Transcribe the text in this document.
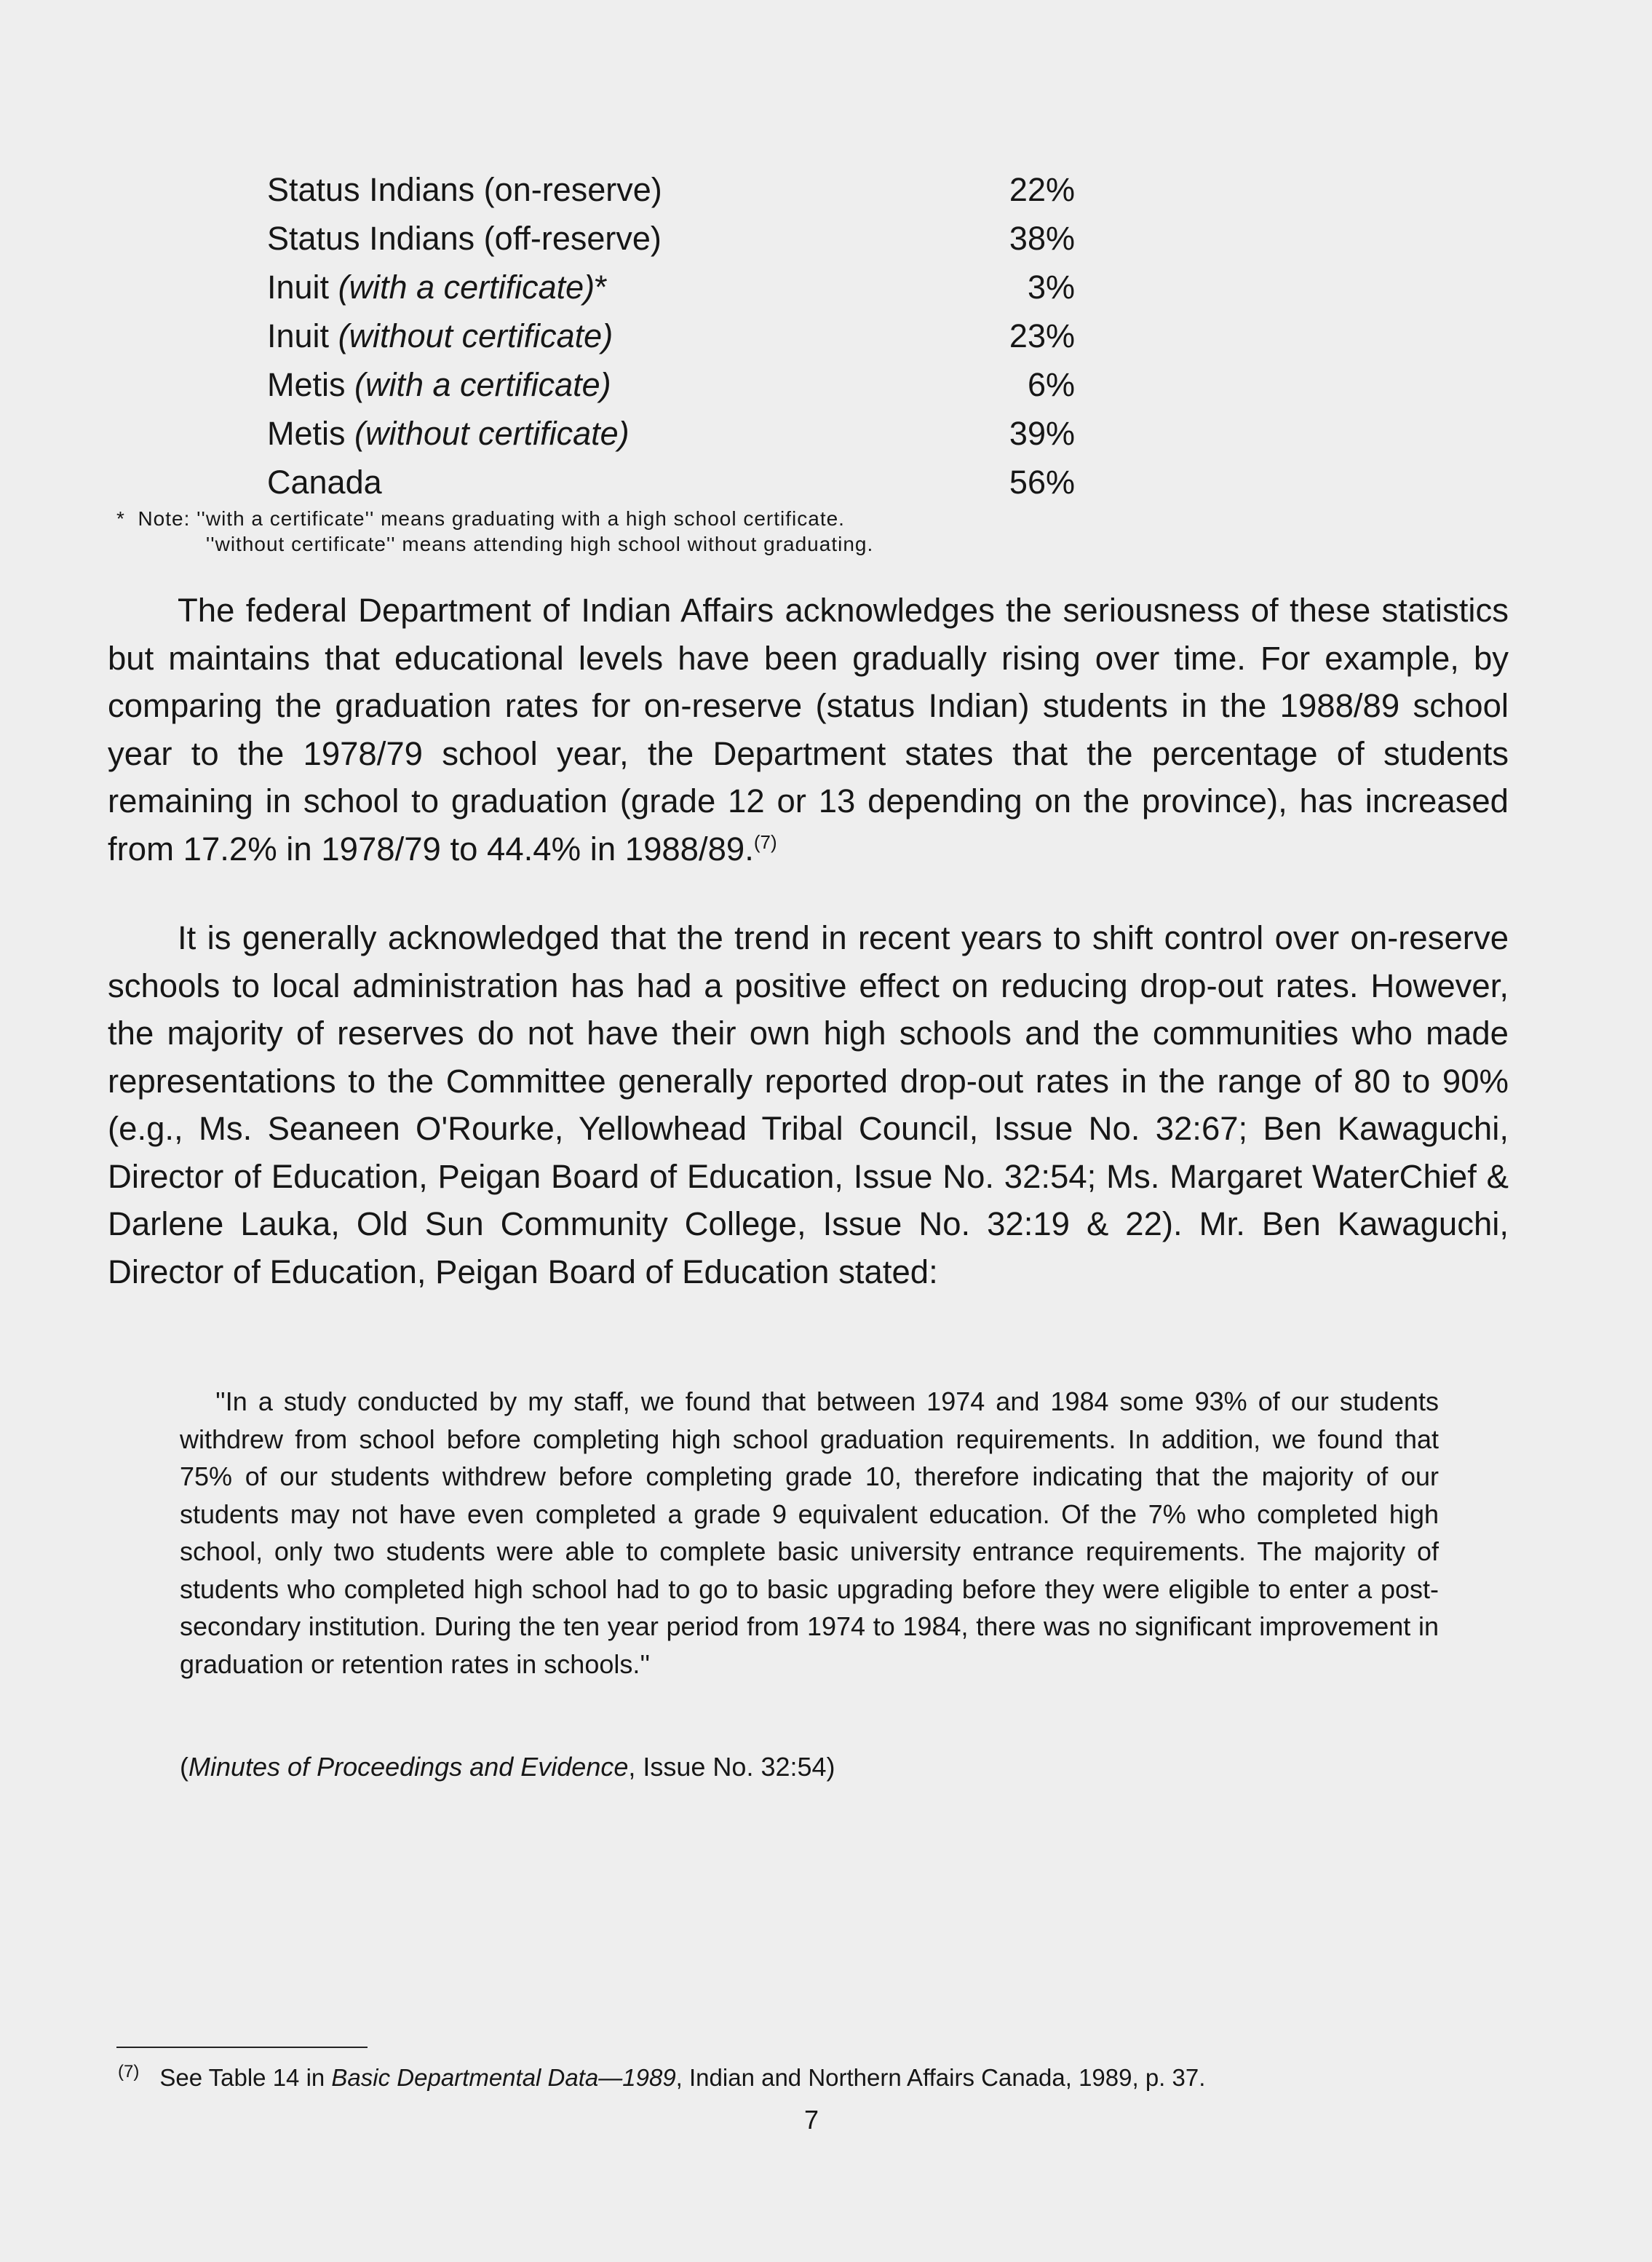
Status Indians (on-reserve)	22%
Status Indians (off-reserve)	38%
Inuit (with a certificate)*	3%
Inuit (without certificate)	23%
Metis (with a certificate)	6%
Metis (without certificate)	39%
Canada	56%
*  Note: ''with a certificate'' means graduating with a high school certificate.
''without certificate'' means attending high school without graduating.

The federal Department of Indian Affairs acknowledges the seriousness of these statistics but maintains that educational levels have been gradually rising over time. For example, by comparing the graduation rates for on-reserve (status Indian) students in the 1988/89 school year to the 1978/79 school year, the Department states that the percentage of students remaining in school to graduation (grade 12 or 13 depending on the province), has increased from 17.2% in 1978/79 to 44.4% in 1988/89.$^{(7)}$

It is generally acknowledged that the trend in recent years to shift control over on-reserve schools to local administration has had a positive effect on reducing drop-out rates. However, the majority of reserves do not have their own high schools and the communities who made representations to the Committee generally reported drop-out rates in the range of 80 to 90% (e.g., Ms. Seaneen O'Rourke, Yellowhead Tribal Council, Issue No. 32:67; Ben Kawaguchi, Director of Education, Peigan Board of Education, Issue No. 32:54; Ms. Margaret WaterChief & Darlene Lauka, Old Sun Community College, Issue No. 32:19 & 22). Mr. Ben Kawaguchi, Director of Education, Peigan Board of Education stated:

''In a study conducted by my staff, we found that between 1974 and 1984 some 93% of our students withdrew from school before completing high school graduation requirements. In addition, we found that 75% of our students withdrew before completing grade 10, therefore indicating that the majority of our students may not have even completed a grade 9 equivalent education. Of the 7% who completed high school, only two students were able to complete basic university entrance requirements. The majority of students who completed high school had to go to basic upgrading before they were eligible to enter a post-secondary institution. During the ten year period from 1974 to 1984, there was no significant improvement in graduation or retention rates in schools.''

(Minutes of Proceedings and Evidence, Issue No. 32:54)
$^{(7)}$ See Table 14 in Basic Departmental Data—1989, Indian and Northern Affairs Canada, 1989, p. 37.
7
